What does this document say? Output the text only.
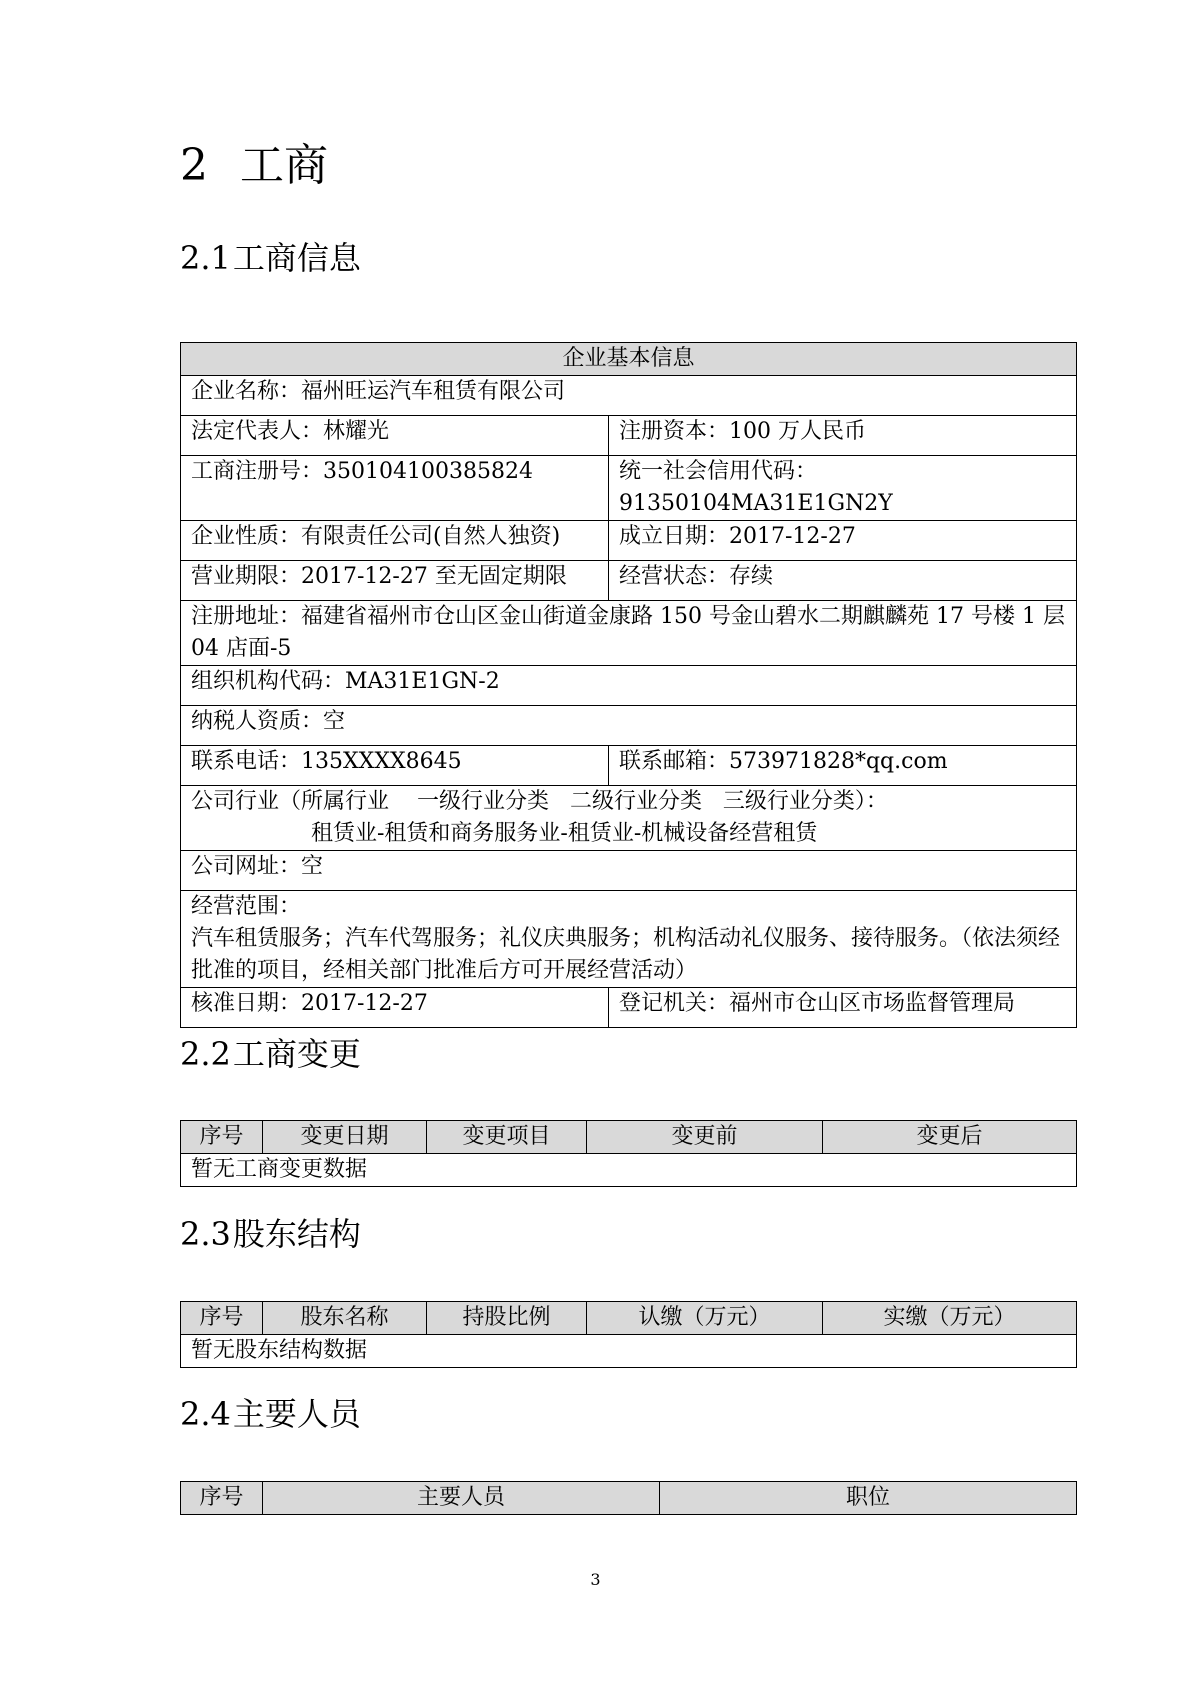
2 工商
2.1工商信息
企业基本信息	
企业名称：福州旺运汽车租赁有限公司	
法定代表人：林耀光	注册资本：100 万人民币
工商注册号：350104100385824	统一社会信用代码：91350104MA31E1GN2Y
企业性质：有限责任公司(自然人独资)	成立日期：2017-12-27
营业期限：2017-12-27 至无固定期限	经营状态：存续
注册地址：福建省福州市仓山区金山街道金康路 150 号金山碧水二期麒麟苑 17 号楼 1 层 04 店面-5	
组织机构代码：MA31E1GN-2	
纳税人资质：空	
联系电话：135XXXX8645	联系邮箱：573971828*qq.com

公司行业（所属行业    一级行业分类   二级行业分类   三级行业分类）：
租赁业-租赁和商务服务业-租赁业-机械设备经营租赁	

公司网址：空	

经营范围：
汽车租赁服务；汽车代驾服务；礼仪庆典服务；机构活动礼仪服务、接待服务。（依法须经批准的项目，经相关部门批准后方可开展经营活动）	

核准日期：2017-12-27	登记机关：福州市仓山区市场监督管理局
2.2工商变更
序号	变更日期	变更项目	变更前	变更后
暂无工商变更数据
2.3股东结构
序号	股东名称	持股比例	认缴（万元）	实缴（万元）
暂无股东结构数据
2.4主要人员
序号	主要人员	职位
3
